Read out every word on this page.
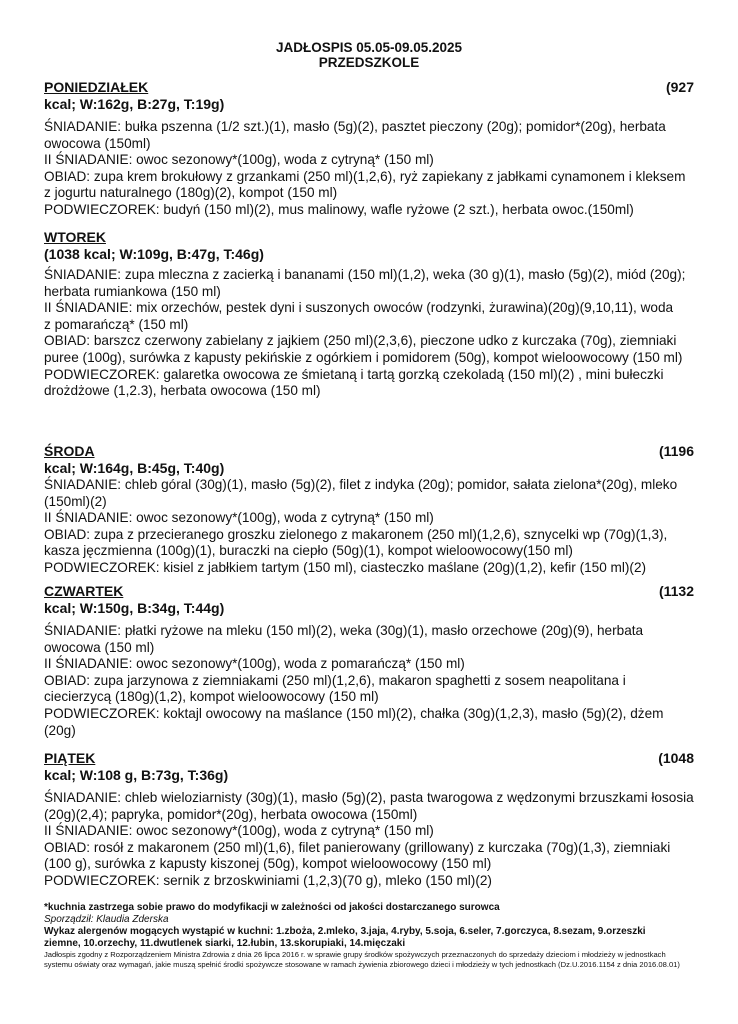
JADŁOSPIS 05.05-09.05.2025
PRZEDSZKOLE
PONIEDZIAŁEK	(927
kcal; W:162g, B:27g, T:19g)

ŚNIADANIE: bułka pszenna (1/2 szt.)(1), masło (5g)(2), pasztet pieczony (20g); pomidor*(20g), herbata owocowa (150ml)

II ŚNIADANIE: owoc sezonowy*(100g), woda z cytryną* (150 ml)

OBIAD: zupa krem brokułowy z grzankami (250 ml)(1,2,6), ryż zapiekany z jabłkami cynamonem i kleksem z jogurtu naturalnego (180g)(2), kompot (150 ml)

PODWIECZOREK: budyń (150 ml)(2), mus malinowy, wafle ryżowe (2 szt.), herbata owoc.(150ml)

WTOREK
(1038 kcal; W:109g, B:47g, T:46g)

ŚNIADANIE: zupa mleczna z zacierką i bananami (150 ml)(1,2), weka (30 g)(1), masło (5g)(2), miód (20g); herbata rumiankowa (150 ml)

II ŚNIADANIE: mix orzechów, pestek dyni i suszonych owoców (rodzynki, żurawina)(20g)(9,10,11), woda

z pomarańczą* (150 ml)

OBIAD: barszcz czerwony zabielany z jajkiem (250 ml)(2,3,6), pieczone udko z kurczaka (70g), ziemniaki puree (100g), surówka z kapusty pekińskie z ogórkiem i pomidorem (50g), kompot wieloowocowy (150 ml)

PODWIECZOREK: galaretka owocowa ze śmietaną i tartą gorzką czekoladą (150 ml)(2) , mini bułeczki drożdżowe (1,2.3), herbata owocowa (150 ml)

ŚRODA	(1196
kcal; W:164g, B:45g, T:40g)

ŚNIADANIE: chleb góral (30g)(1), masło (5g)(2), filet z indyka (20g); pomidor, sałata zielona*(20g), mleko (150ml)(2)

II ŚNIADANIE: owoc sezonowy*(100g), woda z cytryną* (150 ml)

OBIAD: zupa z przecieranego groszku zielonego z makaronem (250 ml)(1,2,6), sznycelki wp (70g)(1,3), kasza jęczmienna (100g)(1), buraczki na ciepło (50g)(1), kompot wieloowocowy(150 ml)

PODWIECZOREK: kisiel z jabłkiem tartym (150 ml), ciasteczko maślane (20g)(1,2), kefir (150 ml)(2)

CZWARTEK	(1132
kcal; W:150g, B:34g, T:44g)

ŚNIADANIE: płatki ryżowe na mleku (150 ml)(2), weka (30g)(1), masło orzechowe (20g)(9), herbata owocowa (150 ml)

II ŚNIADANIE: owoc sezonowy*(100g), woda z pomarańczą* (150 ml)

OBIAD: zupa jarzynowa z ziemniakami (250 ml)(1,2,6), makaron spaghetti z sosem neapolitana i ciecierzycą (180g)(1,2), kompot wieloowocowy (150 ml)

PODWIECZOREK: koktajl owocowy na maślance (150 ml)(2), chałka (30g)(1,2,3), masło (5g)(2), dżem (20g)

PIĄTEK	(1048
kcal; W:108 g, B:73g, T:36g)

ŚNIADANIE: chleb wieloziarnisty (30g)(1), masło (5g)(2), pasta twarogowa z wędzonymi brzuszkami łososia (20g)(2,4); papryka, pomidor*(20g), herbata owocowa (150ml)

II ŚNIADANIE: owoc sezonowy*(100g), woda z cytryną* (150 ml)

OBIAD: rosół z makaronem (250 ml)(1,6), filet panierowany (grillowany) z kurczaka (70g)(1,3), ziemniaki (100 g), surówka z kapusty kiszonej (50g), kompot wieloowocowy (150 ml)

PODWIECZOREK: sernik z brzoskwiniami (1,2,3)(70 g), mleko (150 ml)(2)

*kuchnia zastrzega sobie prawo do modyfikacji w zależności od jakości dostarczanego surowca
Sporządził: Klaudia Zderska
Wykaz alergenów mogących wystąpić w kuchni: 1.zboża, 2.mleko, 3.jaja, 4.ryby, 5.soja, 6.seler, 7.gorczyca, 8.sezam, 9.orzeszki ziemne, 10.orzechy, 11.dwutlenek siarki, 12.łubin, 13.skorupiaki, 14.mięczaki
Jadłospis zgodny z Rozporządzeniem Ministra Zdrowia z dnia 26 lipca 2016 r. w sprawie grupy środków spożywczych przeznaczonych do sprzedaży dzieciom i młodzieży w jednostkach systemu oświaty oraz wymagań, jakie muszą spełnić środki spożywcze stosowane w ramach żywienia zbiorowego dzieci i młodzieży w tych jednostkach (Dz.U.2016.1154 z dnia 2016.08.01)
